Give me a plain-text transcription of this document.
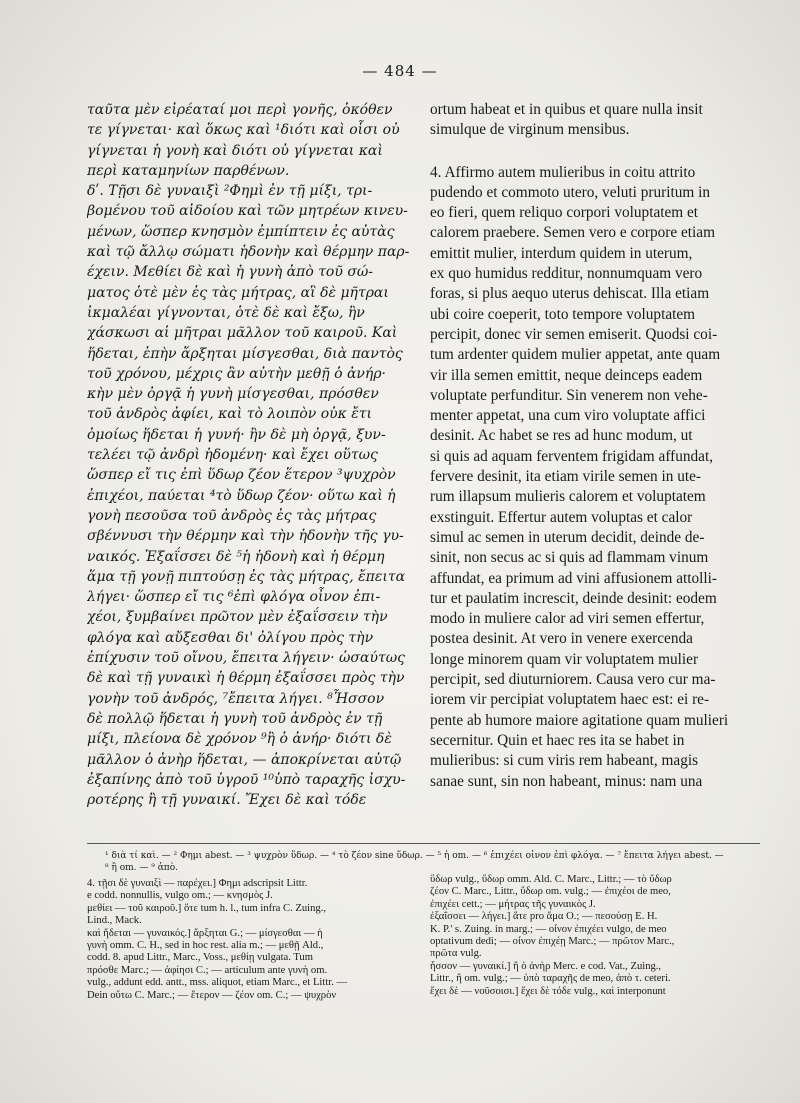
— 484 —
ταῦτα μὲν εἰρέαταί μοι περὶ γονῆς, ὁκόθεν
τε γίγνεται· καὶ ὅκως καὶ ¹διότι καὶ οἷσι οὐ
γίγνεται ἡ γονὴ καὶ διότι οὐ γίγνεται καὶ
περὶ καταμηνίων παρθένων.
δʹ. Τῇσι δὲ γυναιξὶ ²Φημὶ ἐν τῇ μίξι, τρι-
βομένου τοῦ αἰδοίου καὶ τῶν μητρέων κινευ-
μένων, ὥσπερ κνησμὸν ἐμπίπτειν ἐς αὐτὰς
καὶ τῷ ἄλλῳ σώματι ἡδονὴν καὶ θέρμην παρ-
έχειν. Μεθίει δὲ καὶ ἡ γυνὴ ἀπὸ τοῦ σώ-
ματος ὁτὲ μὲν ἐς τὰς μήτρας, αἳ δὲ μῆτραι
ἰκμαλέαι γίγνονται, ὁτὲ δὲ καὶ ἔξω, ἢν
χάσκωσι αἱ μῆτραι μᾶλλον τοῦ καιροῦ. Καὶ
ἥδεται, ἐπὴν ἄρξηται μίσγεσθαι, διὰ παντὸς
τοῦ χρόνου, μέχρις ἂν αὐτὴν μεθῇ ὁ ἀνήρ·
κὴν μὲν ὀργᾷ ἡ γυνὴ μίσγεσθαι, πρόσθεν
τοῦ ἀνδρὸς ἀφίει, καὶ τὸ λοιπὸν οὐκ ἔτι
ὁμοίως ἥδεται ἡ γυνή· ἢν δὲ μὴ ὀργᾷ, ξυν-
τελέει τῷ ἀνδρὶ ἡδομένη· καὶ ἔχει οὕτως
ὥσπερ εἴ τις ἐπὶ ὕδωρ ζέον ἕτερον ³ψυχρὸν
ἐπιχέοι, παύεται ⁴τὸ ὕδωρ ζέον· οὕτω καὶ ἡ
γονὴ πεσοῦσα τοῦ ἀνδρὸς ἐς τὰς μήτρας
σβέννυσι τὴν θέρμην καὶ τὴν ἡδονὴν τῆς γυ-
ναικός. Ἐξαΐσσει δὲ ⁵ἡ ἡδονὴ καὶ ἡ θέρμη
ἅμα τῇ γονῇ πιπτούσῃ ἐς τὰς μήτρας, ἔπειτα
λήγει· ὥσπερ εἴ τις ⁶ἐπὶ φλόγα οἶνον ἐπι-
χέοι, ξυμβαίνει πρῶτον μὲν ἐξαΐσσειν τὴν
φλόγα καὶ αὔξεσθαι δι' ὀλίγου πρὸς τὴν
ἐπίχυσιν τοῦ οἴνου, ἔπειτα λήγειν· ὡσαύτως
δὲ καὶ τῇ γυναικὶ ἡ θέρμη ἐξαΐσσει πρὸς τὴν
γονὴν τοῦ ἀνδρός, ⁷ἔπειτα λήγει. ⁸Ἧσσον
δὲ πολλῷ ἥδεται ἡ γυνὴ τοῦ ἀνδρὸς ἐν τῇ
μίξι, πλείονα δὲ χρόνον ⁹ἢ ὁ ἀνήρ· διότι δὲ
μᾶλλον ὁ ἀνὴρ ἥδεται, — ἀποκρίνεται αὐτῷ
ἐξαπίνης ἀπὸ τοῦ ὑγροῦ ¹⁰ὑπὸ ταραχῆς ἰσχυ-
ροτέρης ἢ τῇ γυναικί. Ἔχει δὲ καὶ τόδε
ortum habeat et in quibus et quare nulla insit
simulque de virginum mensibus.
4. Affirmo autem mulieribus in coitu attrito
pudendo et commoto utero, veluti pruritum in
eo fieri, quem reliquo corpori voluptatem et
calorem praebere. Semen vero e corpore etiam
emittit mulier, interdum quidem in uterum,
ex quo humidus redditur, nonnumquam vero
foras, si plus aequo uterus dehiscat. Illa etiam
ubi coire coeperit, toto tempore voluptatem
percipit, donec vir semen emiserit. Quodsi coi-
tum ardenter quidem mulier appetat, ante quam
vir illa semen emittit, neque deinceps eadem
voluptate perfunditur. Sin venerem non vehe-
menter appetat, una cum viro voluptate affici
desinit. Ac habet se res ad hunc modum, ut
si quis ad aquam ferventem frigidam affundat,
fervere desinit, ita etiam virile semen in ute-
rum illapsum mulieris calorem et voluptatem
exstinguit. Effertur autem voluptas et calor
simul ac semen in uterum decidit, deinde de-
sinit, non secus ac si quis ad flammam vinum
affundat, ea primum ad vini affusionem attolli-
tur et paulatim increscit, deinde desinit: eodem
modo in muliere calor ad viri semen effertur,
postea desinit. At vero in venere exercenda
longe minorem quam vir voluptatem mulier
percipit, sed diuturniorem. Causa vero cur ma-
iorem vir percipiat voluptatem haec est: ei re-
pente ab humore maiore agitatione quam mulieri
secernitur. Quin et haec res ita se habet in
mulieribus: si cum viris rem habeant, magis
sanae sunt, sin non habeant, minus: nam una
¹ διὰ τί καὶ. — ² Φημι abest. — ³ ψυχρὸν ὕδωρ. — ⁴ τὸ ζέον sine ὕδωρ. — ⁵ ἡ om. — ⁶ ἐπιχέει οἶνον ἐπὶ φλόγα. — ⁷ ἔπειτα λήγει abest. —
⁸ ἢ om. — ⁹ ἀπὸ.
4. τῇσι δὲ γυναιξὶ — παρέχει.] Φημι adscripsit Littr.
e codd. nonnullis, vulgo om.; — κνησμὸς J.
μεθίει — τοῦ καιροῦ.] ὅτε tum h. l., tum infra C. Zuing.,
Lind., Mack.
καὶ ἥδεται — γυναικός.] ἄρξηται G.; — μίσγεσθαι — ἡ
γυνὴ omm. C. H., sed in hoc rest. alia m.; — μεθῇ Ald.,
codd. 8. apud Littr., Marc., Voss., μεθίῃ vulgata. Tum
πρόσθε Marc.; — ἀφίησι C.; — articulum ante γυνὴ om.
vulg., addunt edd. antt., mss. aliquot, etiam Marc., et Littr. —
Dein οὕτω C. Marc.; — ἕτερον — ζέον om. C.; — ψυχρὸν
ὕδωρ vulg., ὕδωρ omm. Ald. C. Marc., Littr.; — τὸ ὕδωρ
ζέον C. Marc., Littr., ὕδωρ om. vulg.; — ἐπιχέοι de meo,
ἐπιχέει cett.; — μήτρας τῆς γυναικὸς J.
ἐξαΐσσει — λήγει.] ἅτε pro ἅμα O.; — πεσούσῃ E. H.
K. P.' s. Zuing. in marg.; — οἶνον ἐπιχέει vulgo, de meo
optativum dedi; — οἶνον ἐπιχέῃ Marc.; — πρῶτον Marc.,
πρῶτα vulg.
ἧσσον — γυναικί.] ἢ ὁ ἀνὴρ Merc. e cod. Vat., Zuing.,
Littr., ἢ om. vulg.; — ὑπὸ ταραχῆς de meo, ἀπὸ τ. ceteri.
ἔχει δὲ — νοῦσοισι.] ἔχει δὲ τόδε vulg., καὶ interponunt
